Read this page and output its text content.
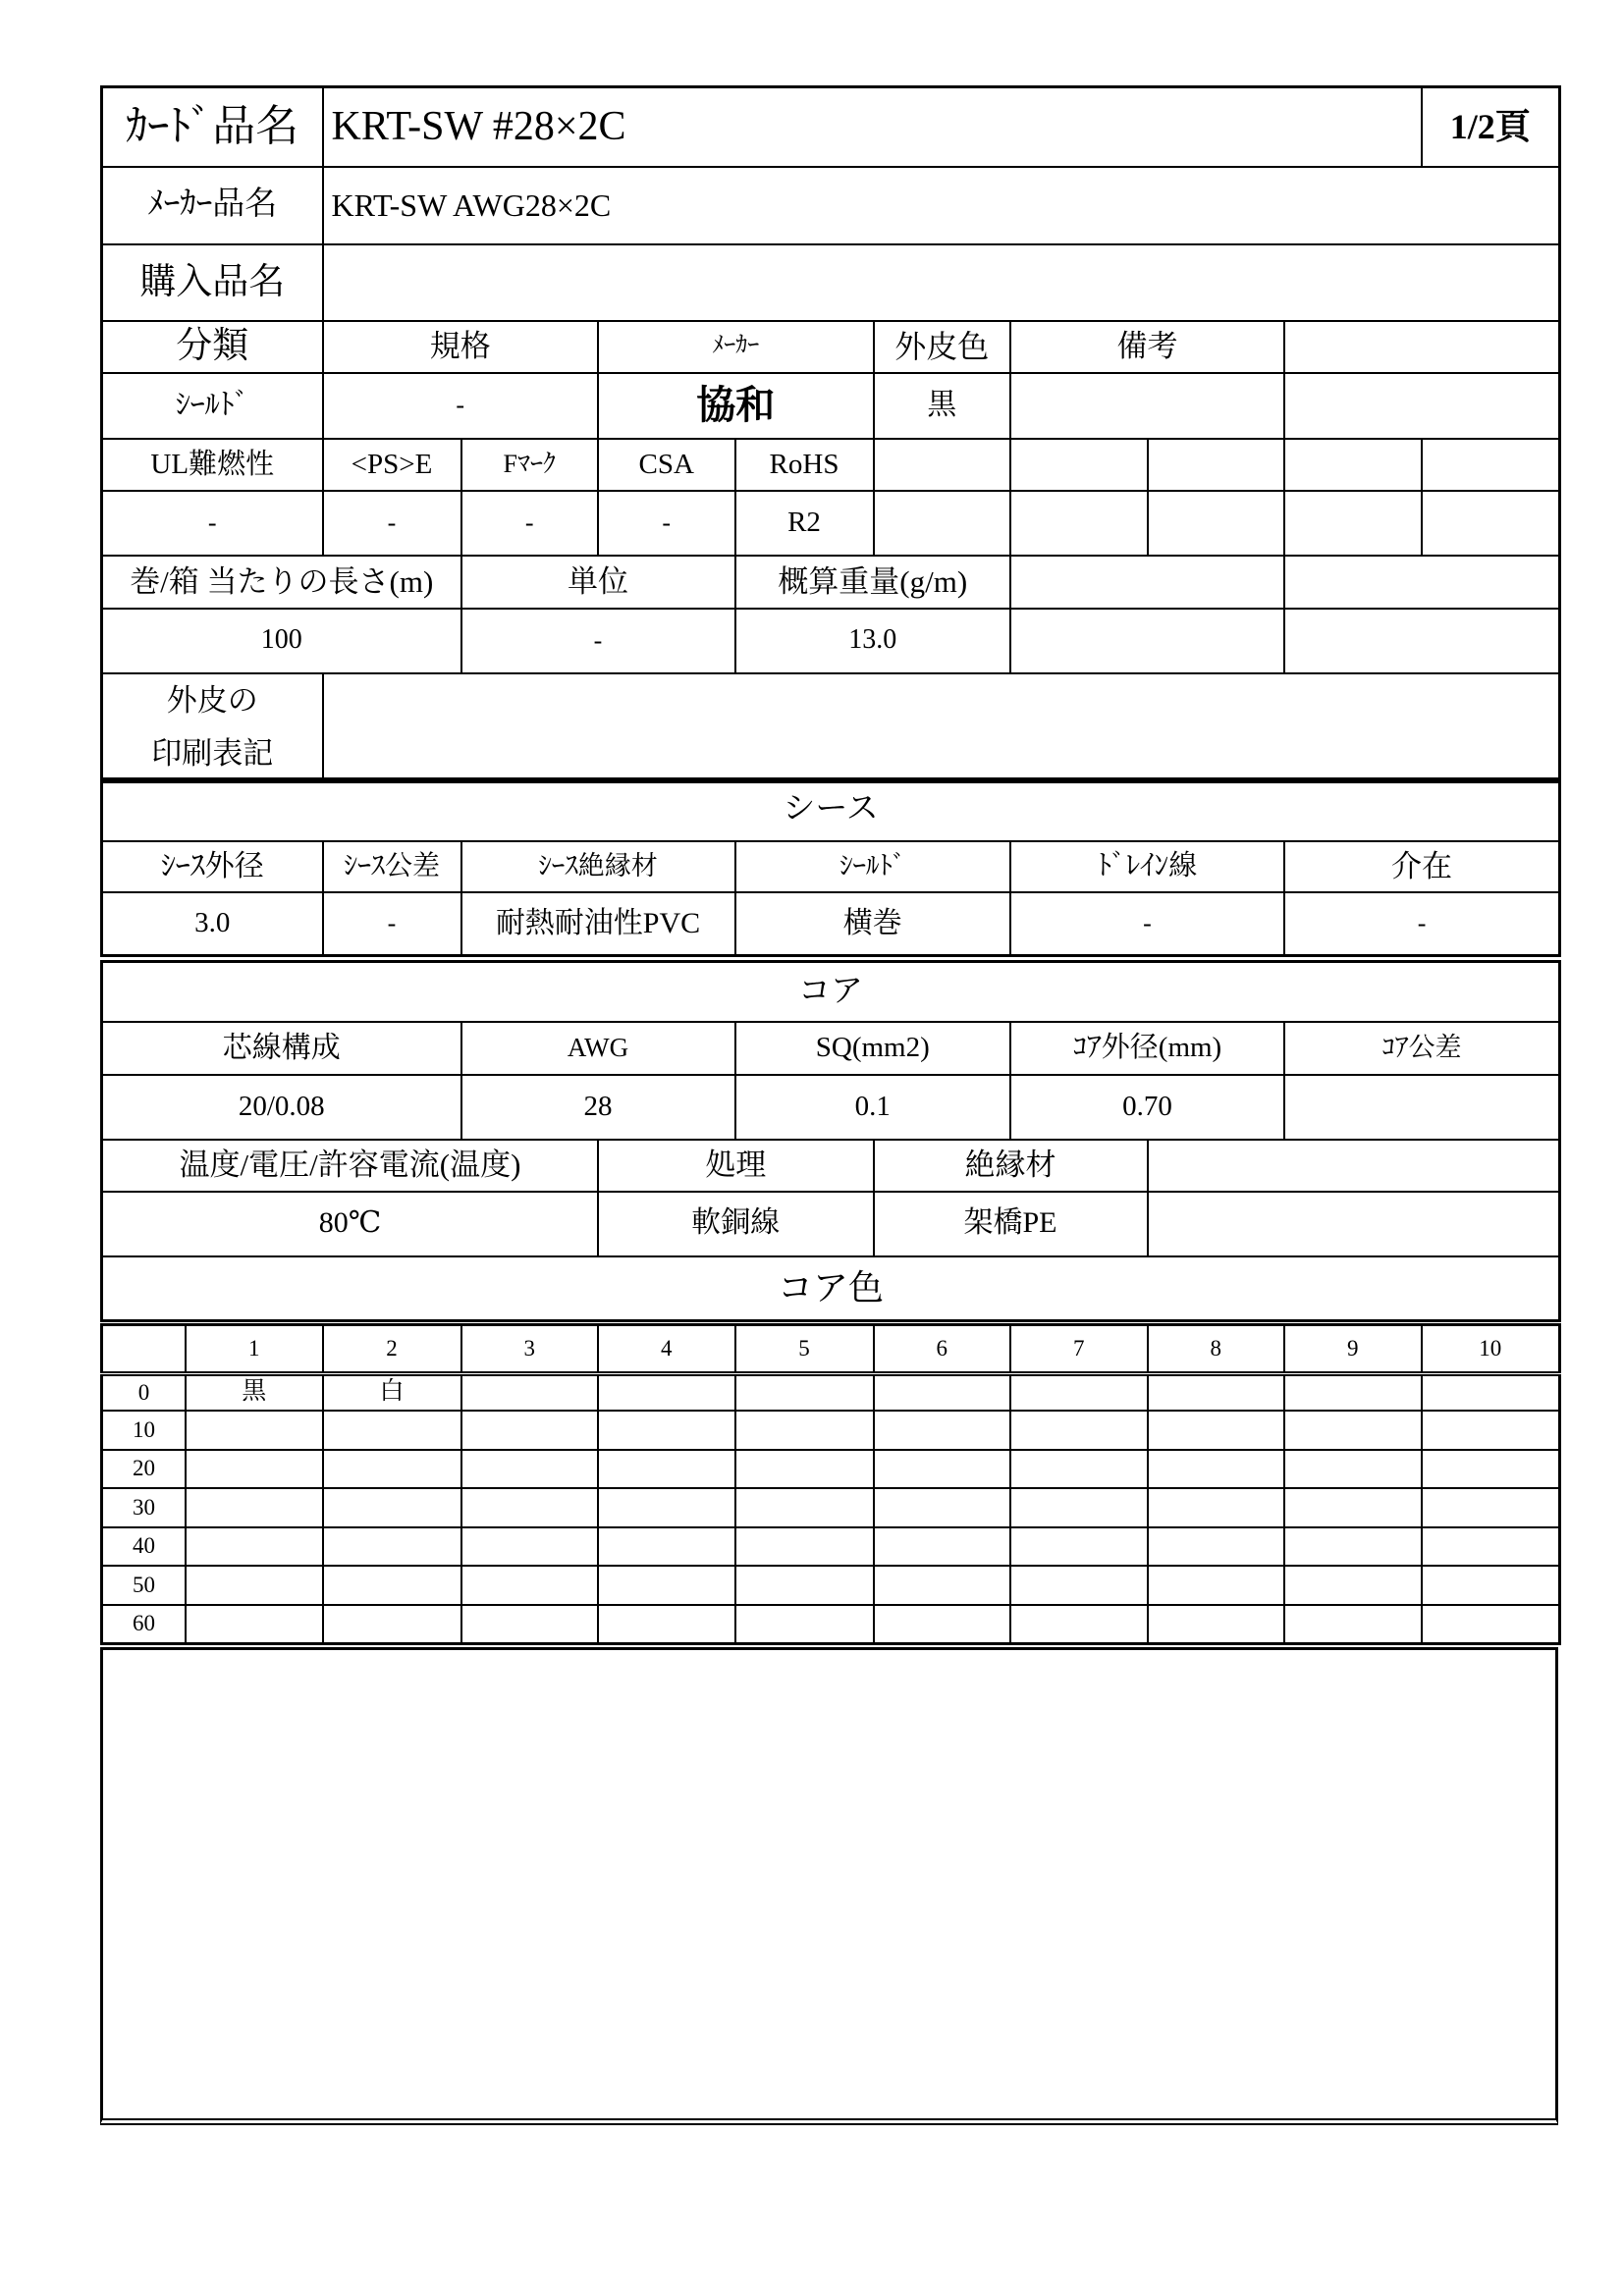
ｶｰﾄﾞ品名	KRT-SW #28×2C								1/2頁
ﾒｰｶｰ品名	KRT-SW AWG28×2C								
購入品名									
分類	規格		ﾒｰｶｰ		外皮色	備考			
ｼｰﾙﾄﾞ	-		協和		黒				
UL難燃性	<PS>E	Fﾏｰｸ	CSA	RoHS					
-	-	-	-	R2					
巻/箱 当たりの長さ(m)		単位		概算重量(g/m)					
100		-		13.0					

外皮の
印刷表記									

シース					
ｼｰｽ外径	ｼｰｽ公差	ｼｰｽ絶縁材	ｼｰﾙﾄﾞ	ﾄﾞﾚｲﾝ線	介在
3.0	-	耐熱耐油性PVC	横巻	-	-
コア							
芯線構成	AWG		SQ(mm2)		ｺｱ外径(mm)		ｺｱ公差
20/0.08	28		0.1		0.70		
温度/電圧/許容電流(温度)		処理		絶縁材			
80℃		軟銅線		架橋PE			
コア色							
	1	2	3	4	5	6	7	8	9	10
0	黒	白								
10										
20										
30										
40										
50										
60										
